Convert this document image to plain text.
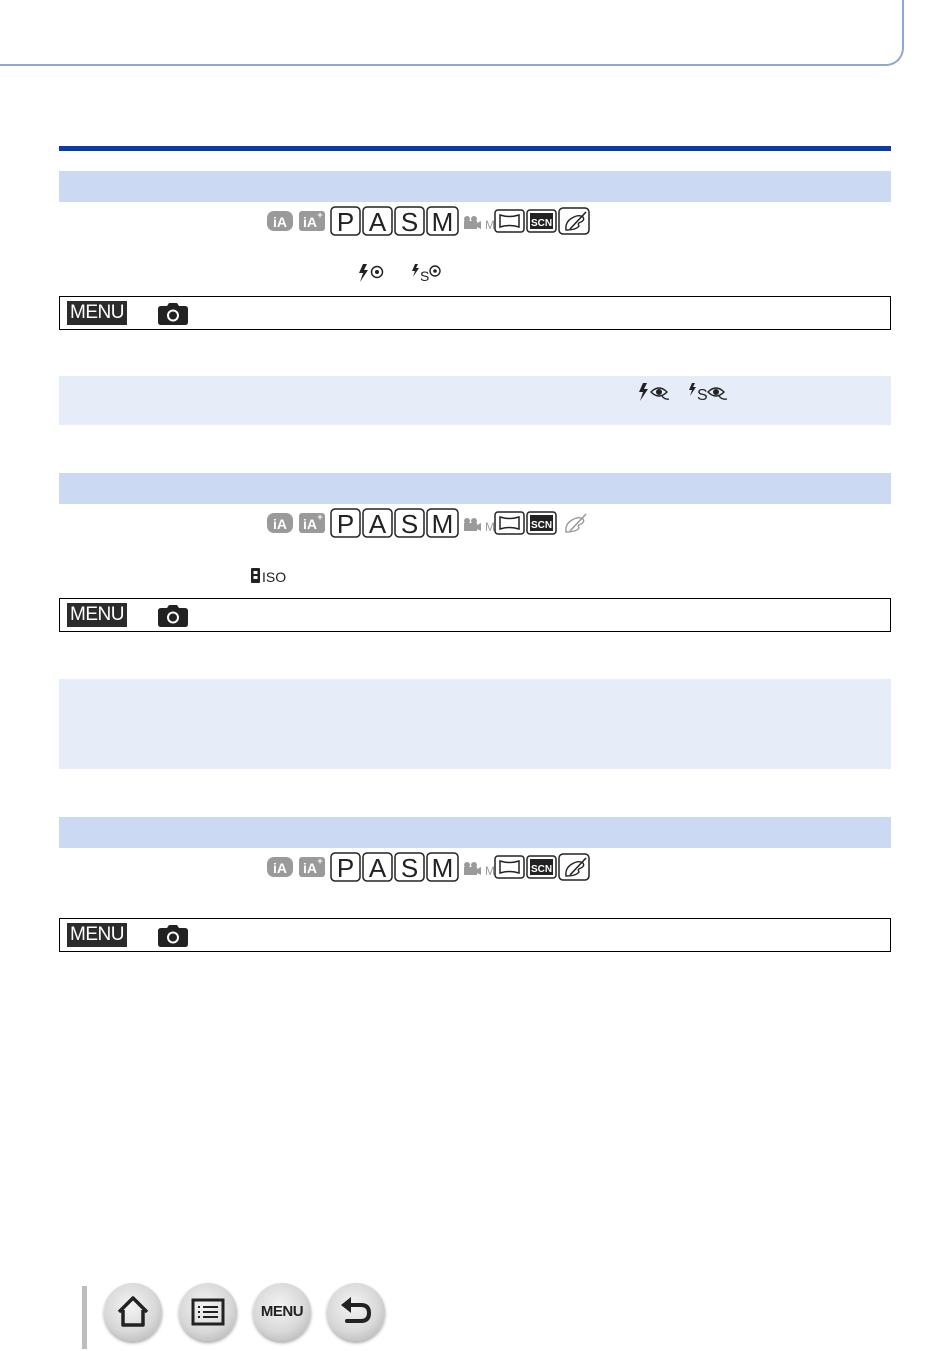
iA iA + P A S M	M	SCN
S
MENU
S
iA iA + P A S M	M	SCN
ISO
MENU
iA iA + P A S M	M	SCN
MENU
MENU
